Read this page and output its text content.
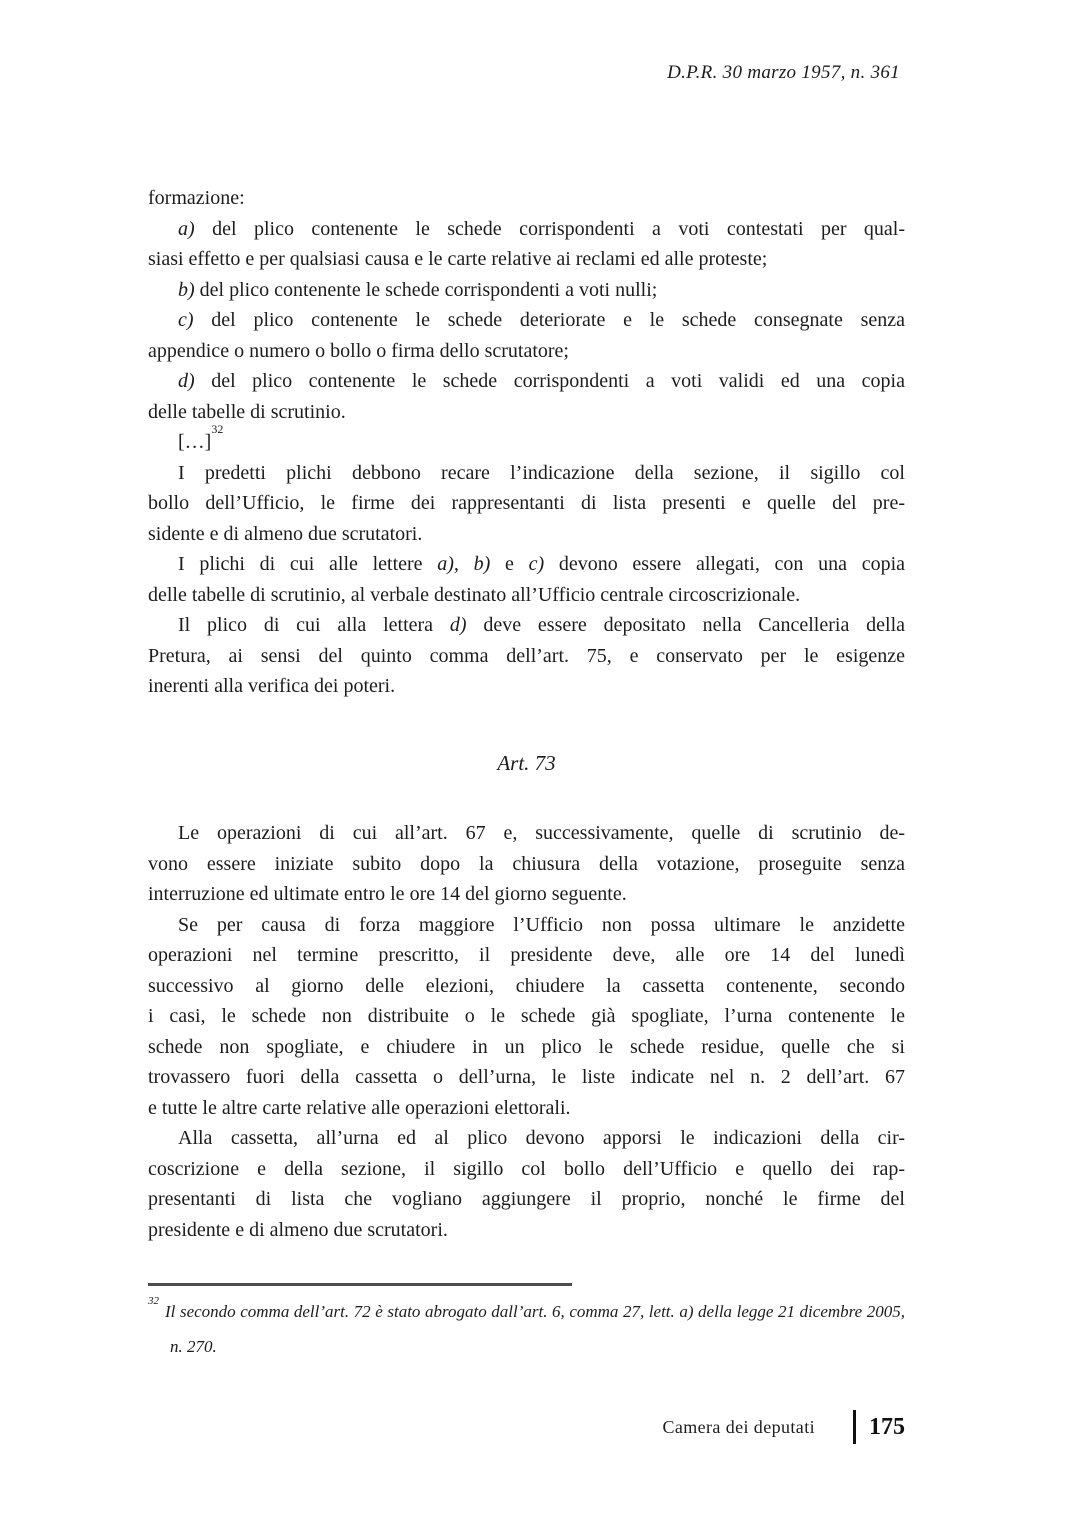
D.P.R. 30 marzo 1957, n. 361
formazione:
a) del plico contenente le schede corrispondenti a voti contestati per qual-
siasi effetto e per qualsiasi causa e le carte relative ai reclami ed alle proteste;
b) del plico contenente le schede corrispondenti a voti nulli;
c) del plico contenente le schede deteriorate e le schede consegnate senza
appendice o numero o bollo o firma dello scrutatore;
d) del plico contenente le schede corrispondenti a voti validi ed una copia
delle tabelle di scrutinio.
[…]$^{32}$
I predetti plichi debbono recare l’indicazione della sezione, il sigillo col
bollo dell’Ufficio, le firme dei rappresentanti di lista presenti e quelle del pre-
sidente e di almeno due scrutatori.
I plichi di cui alle lettere a), b) e c) devono essere allegati, con una copia
delle tabelle di scrutinio, al verbale destinato all’Ufficio centrale circoscrizionale.
Il plico di cui alla lettera d) deve essere depositato nella Cancelleria della
Pretura, ai sensi del quinto comma dell’art. 75, e conservato per le esigenze
inerenti alla verifica dei poteri.
Art. 73
Le operazioni di cui all’art. 67 e, successivamente, quelle di scrutinio de-
vono essere iniziate subito dopo la chiusura della votazione, proseguite senza
interruzione ed ultimate entro le ore 14 del giorno seguente.
Se per causa di forza maggiore l’Ufficio non possa ultimare le anzidette
operazioni nel termine prescritto, il presidente deve, alle ore 14 del lunedì
successivo al giorno delle elezioni, chiudere la cassetta contenente, secondo
i casi, le schede non distribuite o le schede già spogliate, l’urna contenente le
schede non spogliate, e chiudere in un plico le schede residue, quelle che si
trovassero fuori della cassetta o dell’urna, le liste indicate nel n. 2 dell’art. 67
e tutte le altre carte relative alle operazioni elettorali.
Alla cassetta, all’urna ed al plico devono apporsi le indicazioni della cir-
coscrizione e della sezione, il sigillo col bollo dell’Ufficio e quello dei rap-
presentanti di lista che vogliano aggiungere il proprio, nonché le firme del
presidente e di almeno due scrutatori.
$^{32}$Il secondo comma dell’art. 72 è stato abrogato dall’art. 6, comma 27, lett. a) della legge 21 dicembre 2005,
n. 270.
Camera dei deputati 175
